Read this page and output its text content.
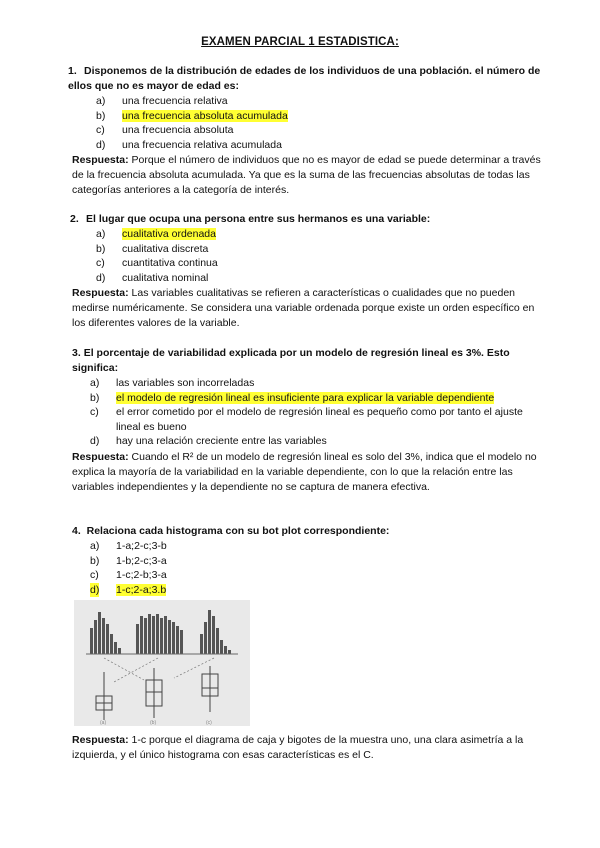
EXAMEN PARCIAL 1 ESTADISTICA:
1. Disponemos de la distribución de edades de los individuos de una población. el número de ellos que no es mayor de edad es:
a) una frecuencia relativa
b) una frecuencia absoluta acumulada
c) una frecuencia absoluta
d) una frecuencia relativa acumulada
Respuesta: Porque el número de individuos que no es mayor de edad se puede determinar a través de la frecuencia absoluta acumulada. Ya que es la suma de las frecuencias absolutas de todas las categorías anteriores a la categoría de interés.
2. El lugar que ocupa una persona entre sus hermanos es una variable:
a) cualitativa ordenada
b) cualitativa discreta
c) cuantitativa continua
d) cualitativa nominal
Respuesta: Las variables cualitativas se refieren a características o cualidades que no pueden medirse numéricamente. Se considera una variable ordenada porque existe un orden específico en los diferentes valores de la variable.
3. El porcentaje de variabilidad explicada por un modelo de regresión lineal es 3%. Esto significa:
a) las variables son incorreladas
b) el modelo de regresión lineal es insuficiente para explicar la variable dependiente
c) el error cometido por el modelo de regresión lineal es pequeño como por tanto el ajuste lineal es bueno
d) hay una relación creciente entre las variables
Respuesta: Cuando el R² de un modelo de regresión lineal es solo del 3%, indica que el modelo no explica la mayoría de la variabilidad en la variable dependiente, con lo que la relación entre las variables independientes y la dependiente no se captura de manera efectiva.
4. Relaciona cada histograma con su bot plot correspondiente:
a) 1-a;2-c;3-b
b) 1-b;2-c;3-a
c) 1-c;2-b;3-a
d) 1-c;2-a;3.b
(a)	(b)	(c)
Respuesta: 1-c porque el diagrama de caja y bigotes de la muestra uno, una clara asimetría a la izquierda, y el único histograma con esas características es el C.
